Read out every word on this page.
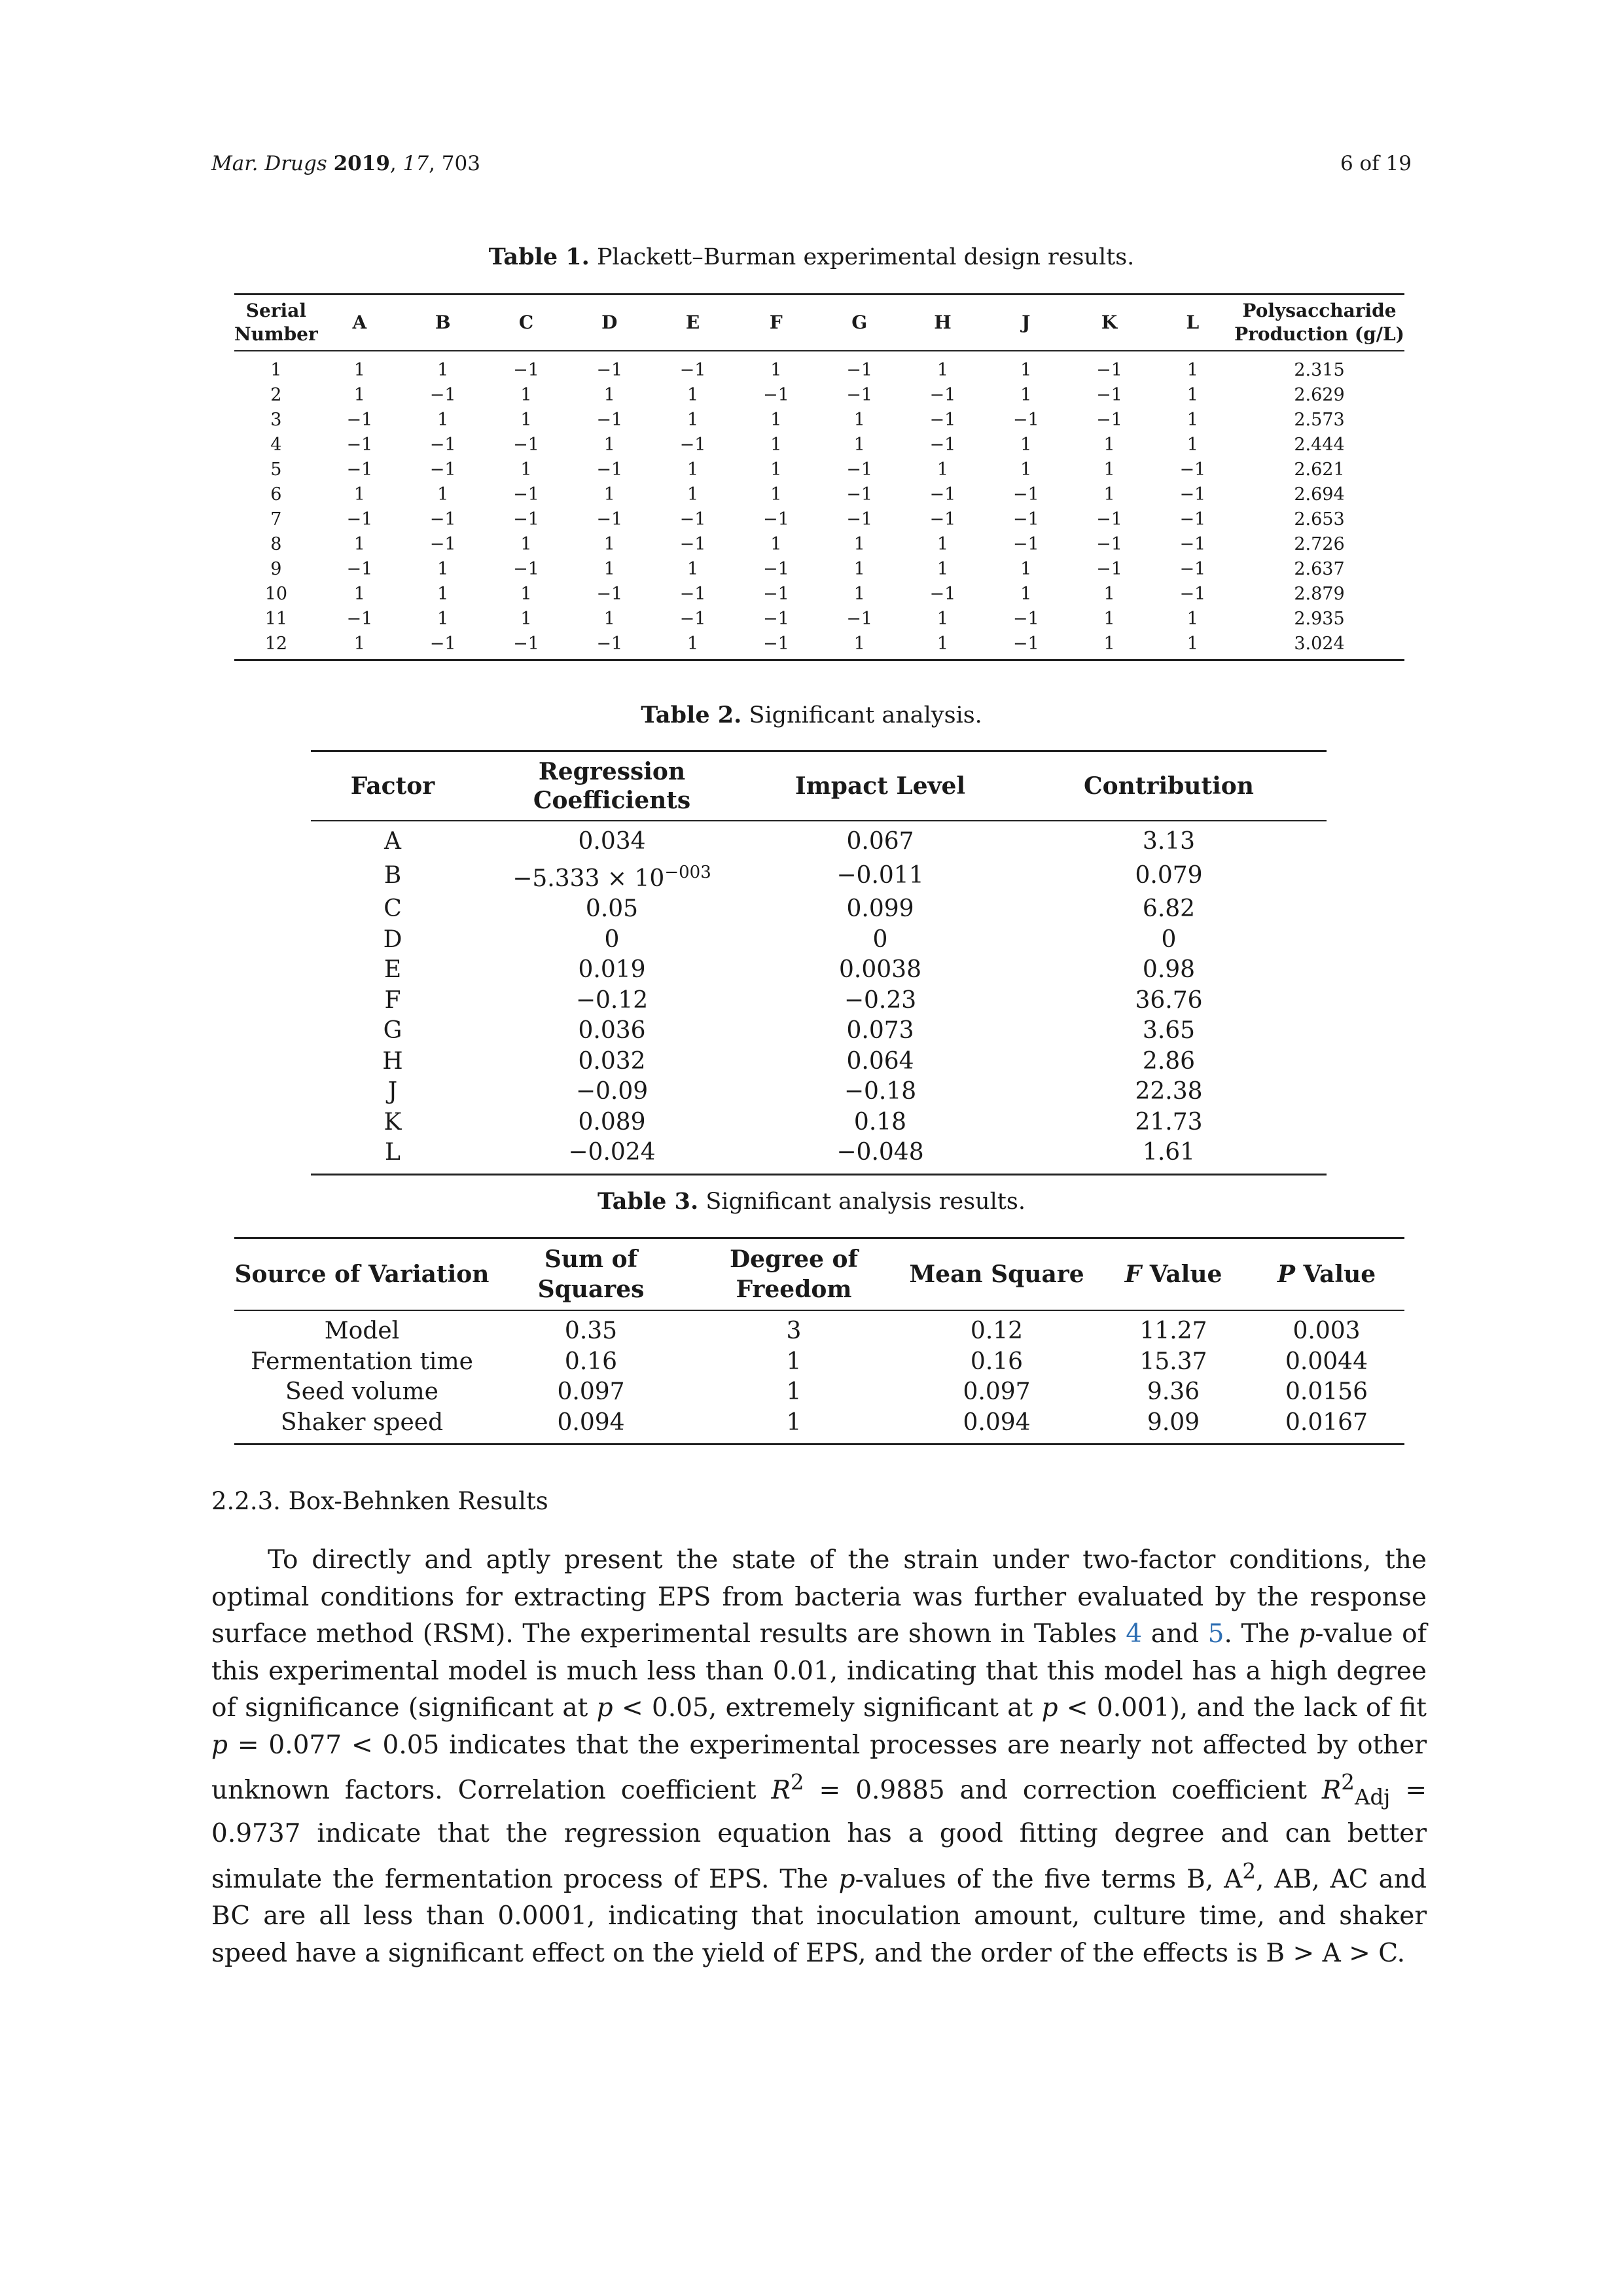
Mar. Drugs 2019, 17, 703	6 of 19
Table 1. Plackett–Burman experimental design results.
Serial Number	A	B	C	D	E	F	G	H	J	K	L	Polysaccharide Production (g/L)
1	1	1	−1	−1	−1	1	−1	1	1	−1	1	2.315
2	1	−1	1	1	1	−1	−1	−1	1	−1	1	2.629
3	−1	1	1	−1	1	1	1	−1	−1	−1	1	2.573
4	−1	−1	−1	1	−1	1	1	−1	1	1	1	2.444
5	−1	−1	1	−1	1	1	−1	1	1	1	−1	2.621
6	1	1	−1	1	1	1	−1	−1	−1	1	−1	2.694
7	−1	−1	−1	−1	−1	−1	−1	−1	−1	−1	−1	2.653
8	1	−1	1	1	−1	1	1	1	−1	−1	−1	2.726
9	−1	1	−1	1	1	−1	1	1	1	−1	−1	2.637
10	1	1	1	−1	−1	−1	1	−1	1	1	−1	2.879
11	−1	1	1	1	−1	−1	−1	1	−1	1	1	2.935
12	1	−1	−1	−1	1	−1	1	1	−1	1	1	3.024
Table 2. Significant analysis.
Factor	Regression Coefficients	Impact Level	Contribution
A	0.034	0.067	3.13
B	$-5.333 \times 10^{-003}$	−0.011	0.079
C	0.05	0.099	6.82
D	0	0	0
E	0.019	0.0038	0.98
F	−0.12	−0.23	36.76
G	0.036	0.073	3.65
H	0.032	0.064	2.86
J	−0.09	−0.18	22.38
K	0.089	0.18	21.73
L	−0.024	−0.048	1.61
Table 3. Significant analysis results.
Source of Variation	Sum of Squares	Degree of Freedom	Mean Square	F Value	P Value
Model	0.35	3	0.12	11.27	0.003
Fermentation time	0.16	1	0.16	15.37	0.0044
Seed volume	0.097	1	0.097	9.36	0.0156
Shaker speed	0.094	1	0.094	9.09	0.0167
2.2.3. Box-Behnken Results
To directly and aptly present the state of the strain under two-factor conditions, the optimal conditions for extracting EPS from bacteria was further evaluated by the response surface method (RSM). The experimental results are shown in Tables 4 and 5. The p-value of this experimental model is much less than 0.01, indicating that this model has a high degree of significance (significant at p < 0.05, extremely significant at p < 0.001), and the lack of fit p = 0.077 < 0.05 indicates that the experimental processes are nearly not affected by other unknown factors. Correlation coefficient $R^2 = 0.9885$ and correction coefficient $R^2_{Adj} = 0.9737$ indicate that the regression equation has a good fitting degree and can better simulate the fermentation process of EPS. The p-values of the five terms B, $A^2$, AB, AC and BC are all less than 0.0001, indicating that inoculation amount, culture time, and shaker speed have a significant effect on the yield of EPS, and the order of the effects is B > A > C.
